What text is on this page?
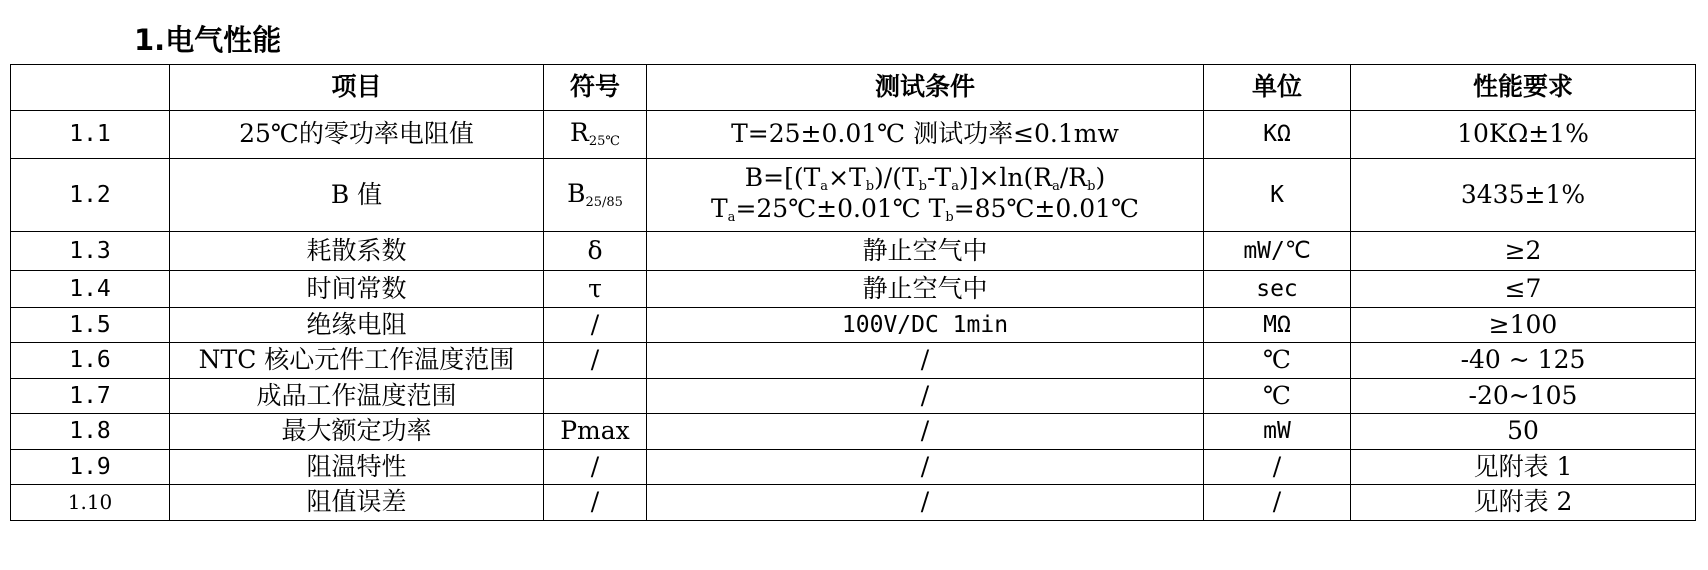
1.电气性能
	项目	符号	测试条件	单位	性能要求
1.1	25℃的零功率电阻值	$R_{25℃}$	T=25±0.01℃ 测试功率≤0.1mw	KΩ	10KΩ±1%
1.2	B 值	$B_{25/85}$	$B=[(T_a\times T_b)/(T_b-T_a)]\times\ln(R_a/R_b)$
$T_a=25℃\pm 0.01℃$ $T_b=85℃\pm 0.01℃$	K	3435±1%
1.3	耗散系数	δ	静止空气中	mW/℃	≥2
1.4	时间常数	τ	静止空气中	sec	≤7
1.5	绝缘电阻	/	100V/DC 1min	MΩ	≥100
1.6	NTC 核心元件工作温度范围	/	/	℃	-40 ~ 125
1.7	成品工作温度范围		/	℃	-20~105
1.8	最大额定功率	Pmax	/	mW	50
1.9	阻温特性	/	/	/	见附表 1
1.10	阻值误差	/	/	/	见附表 2
